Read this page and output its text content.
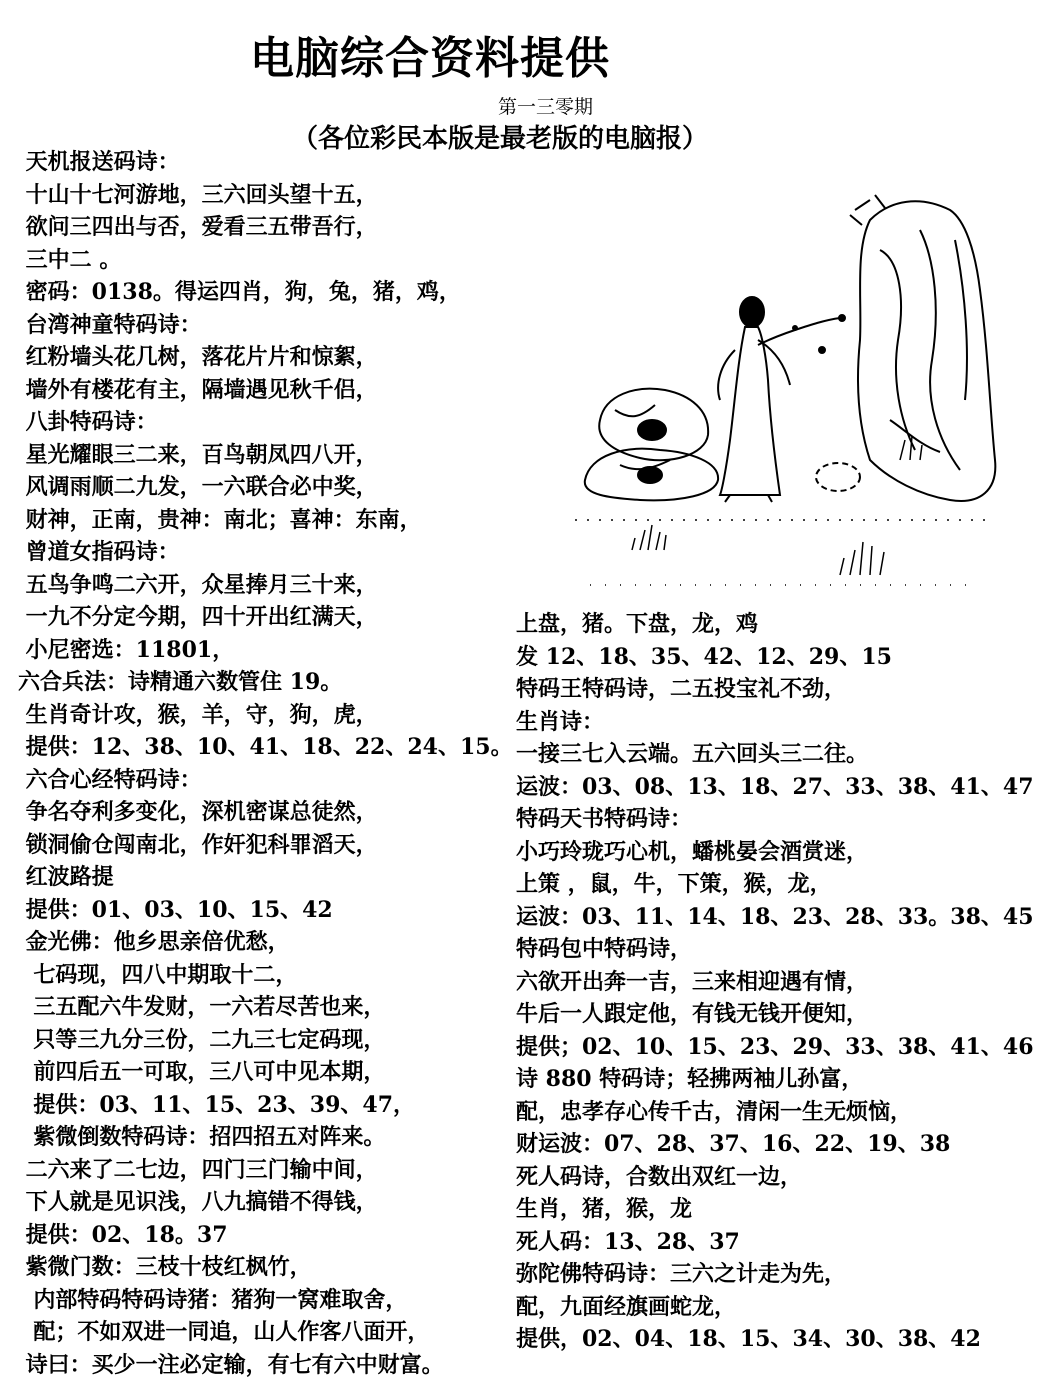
电脑综合资料提供
第一三零期
（各位彩民本版是最老版的电脑报）
天机报送码诗：
十山十七河游地，三六回头望十五，
欲问三四出与否，爱看三五带吾行，
三中二 。
密码：0138。得运四肖，狗，兔，猪，鸡，
台湾神童特码诗：
红粉墙头花几树，落花片片和惊絮，
墙外有楼花有主，隔墙遇见秋千侣，
八卦特码诗：
星光耀眼三二来，百鸟朝凤四八开，
风调雨顺二九发，一六联合必中奖，
财神，正南，贵神：南北；喜神：东南，
曾道女指码诗：
五鸟争鸣二六开，众星捧月三十来，
一九不分定今期，四十开出红满天，
小尼密选：11801，
六合兵法：诗精通六数管住 19。
生肖奇计攻，猴，羊，守，狗，虎，
提供：12、38、10、41、18、22、24、15。
六合心经特码诗：
争名夺利多变化，深机密谋总徒然，
锁洞偷仓闯南北，作奸犯科罪滔天，
红波路提
提供：01、03、10、15、42
金光佛：他乡思亲倍优愁，
七码现，四八中期取十二，
三五配六牛发财，一六若尽苦也来，
只等三九分三份，二九三七定码现，
前四后五一可取，三八可中见本期，
提供：03、11、15、23、39、47，
紫微倒数特码诗：招四招五对阵来。
二六来了二七边，四门三门输中间，
下人就是见识浅，八九搞错不得钱，
提供：02、18。37
紫微门数：三枝十枝红枫竹，
内部特码特码诗猪：猪狗一窝难取舍，
配；不如双进一同追，山人作客八面开，
诗曰：买少一注必定输，有七有六中财富。
上盘，猪。下盘，龙，鸡
发 12、18、35、42、12、29、15
特码王特码诗，二五投宝礼不劲，
生肖诗：
一接三七入云端。五六回头三二往。
运波：03、08、13、18、27、33、38、41、47
特码天书特码诗：
小巧玲珑巧心机，蟠桃晏会酒赏迷，
上策 ，鼠，牛，下策，猴，龙，
运波：03、11、14、18、23、28、33。38、45
特码包中特码诗，
六欲开出奔一吉，三来相迎遇有情，
牛后一人跟定他，有钱无钱开便知，
提供；02、10、15、23、29、33、38、41、46
诗 880 特码诗；轻拂两袖儿孙富，
配，忠孝存心传千古，清闲一生无烦恼，
财运波：07、28、37、16、22、19、38
死人码诗，合数出双红一边，
生肖，猪，猴，龙
死人码：13、28、37
弥陀佛特码诗：三六之计走为先，
配，九面经旗画蛇龙，
提供，02、04、18、15、34、30、38、42
